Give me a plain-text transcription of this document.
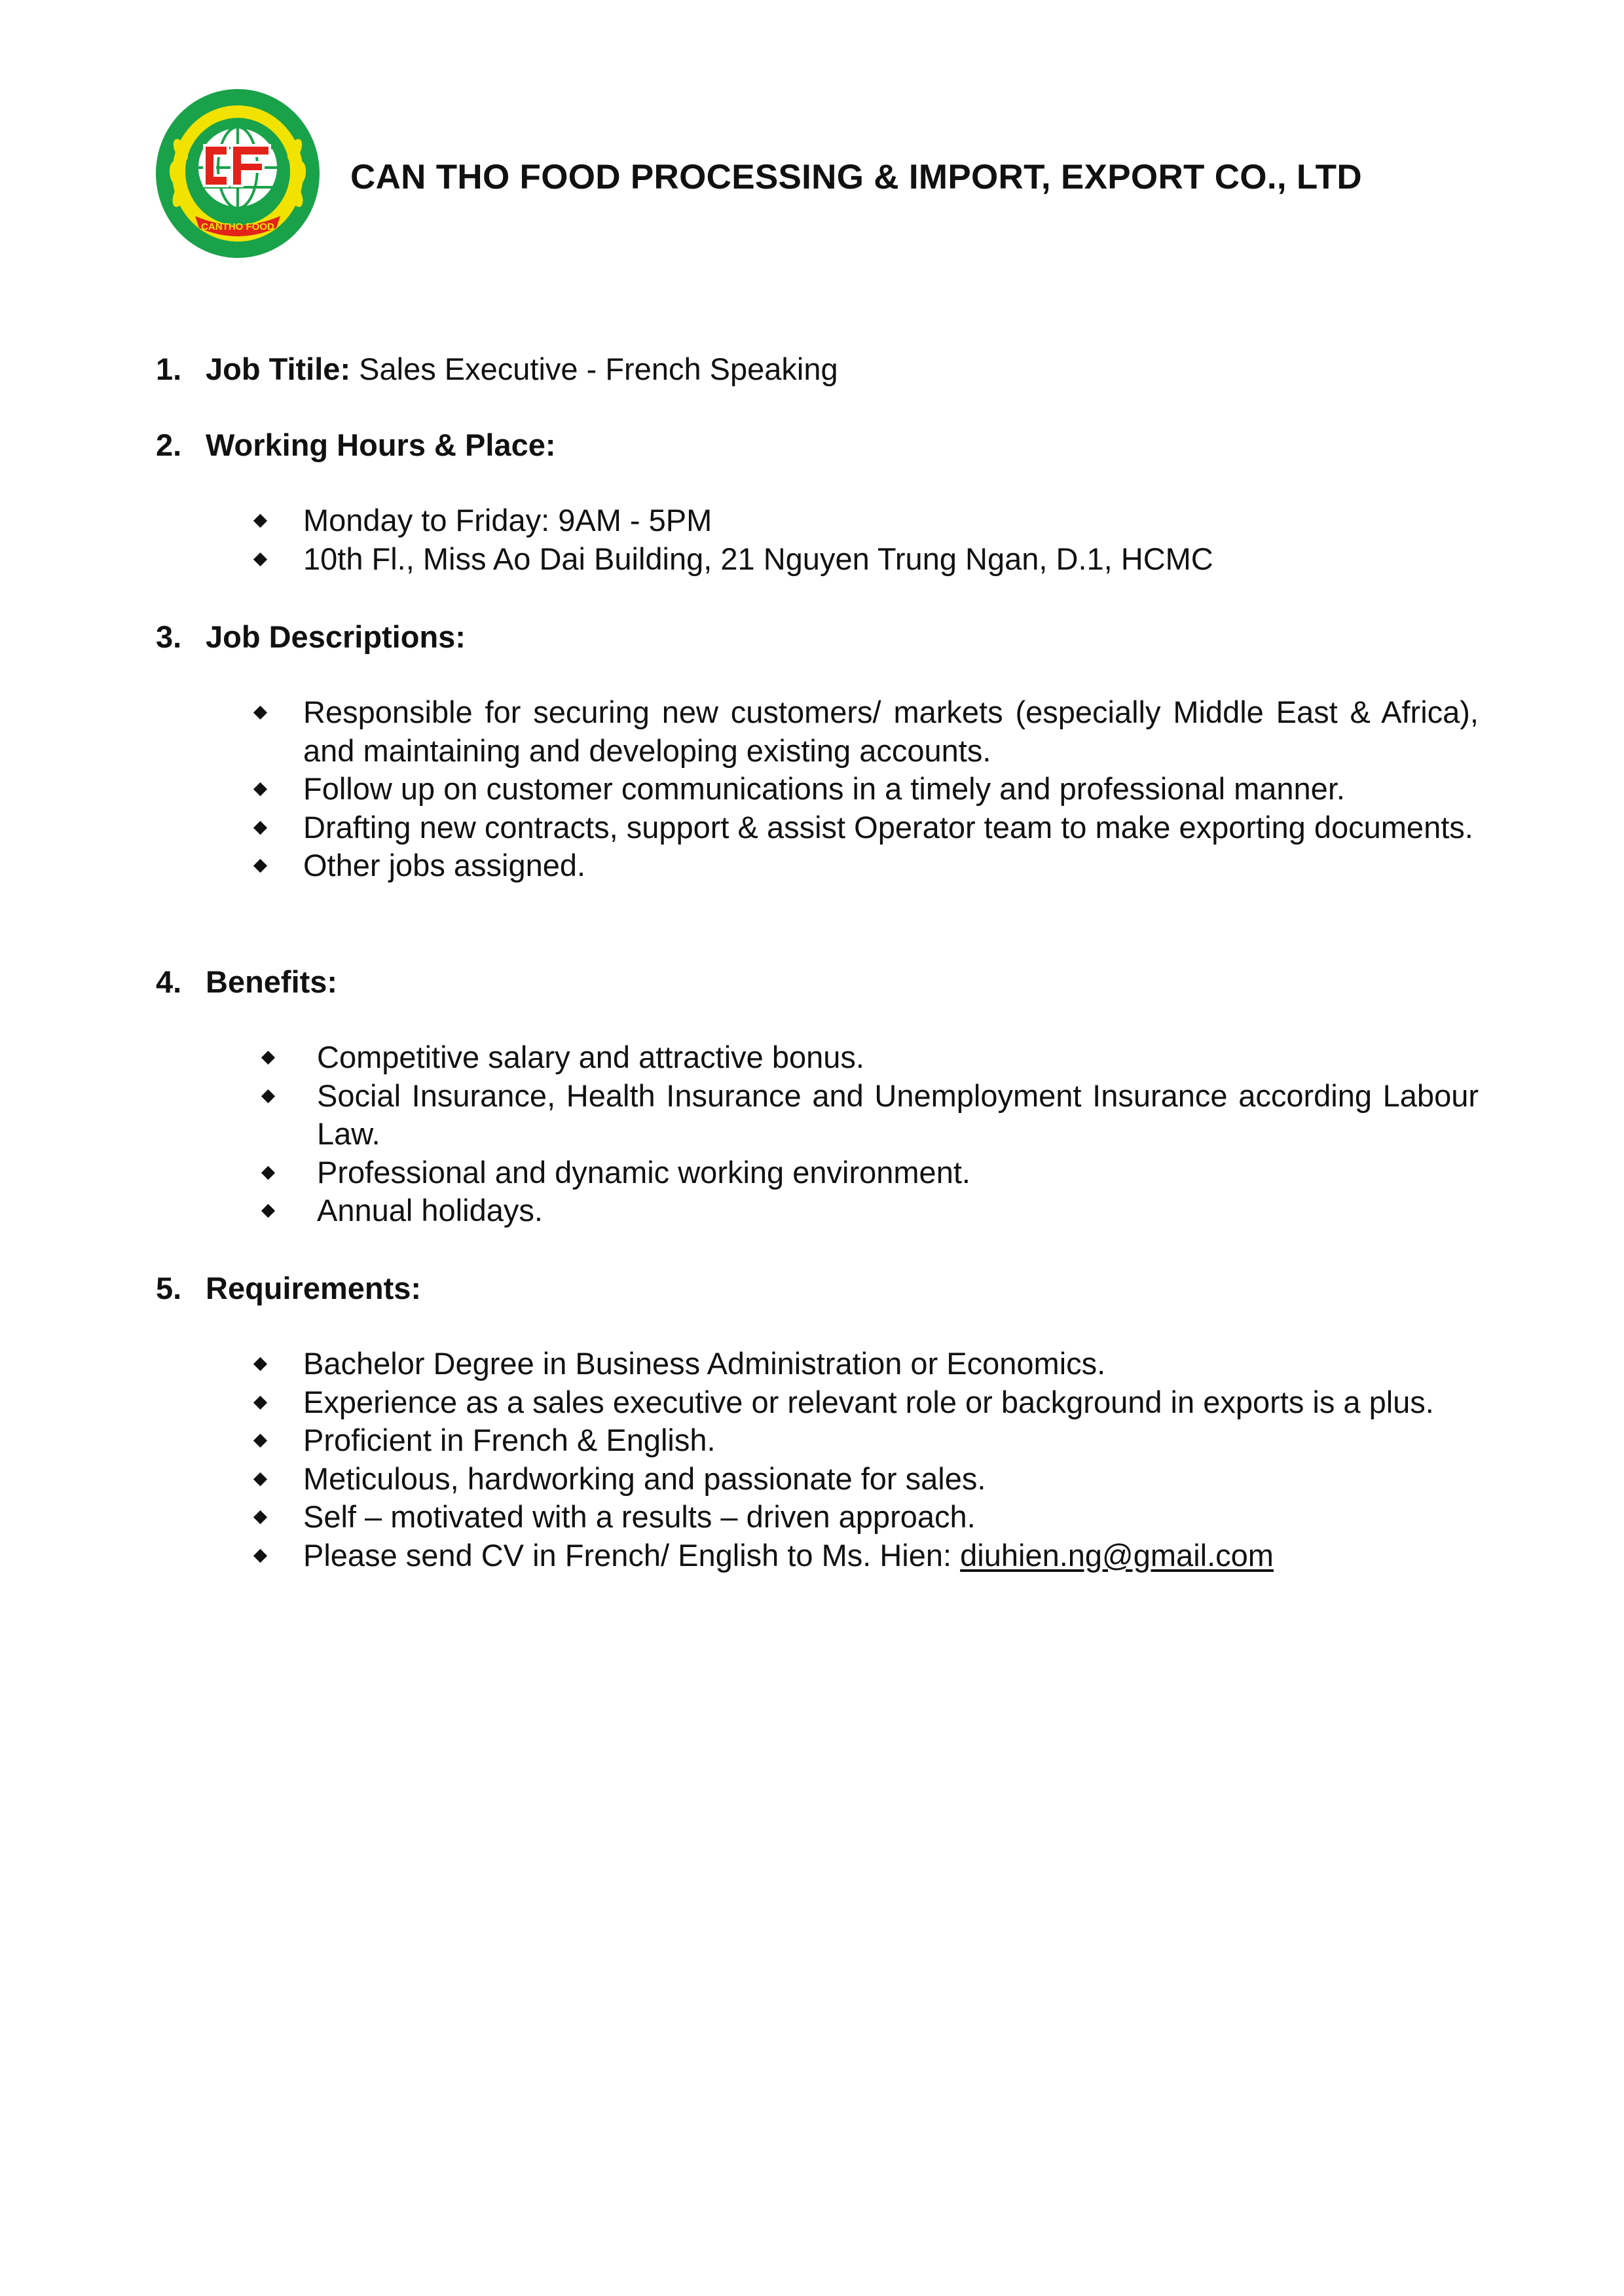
CANTHO FOOD
CAN THO FOOD PROCESSING & IMPORT, EXPORT CO., LTD
1. Job Titile: Sales Executive - French Speaking
2. Working Hours & Place:
Monday to Friday: 9AM - 5PM
10th Fl., Miss Ao Dai Building, 21 Nguyen Trung Ngan, D.1, HCMC
3. Job Descriptions:
Responsible for securing new customers/ markets (especially Middle East & Africa), and maintaining and developing existing accounts.
Follow up on customer communications in a timely and professional manner.
Drafting new contracts, support & assist Operator team to make exporting documents.
Other jobs assigned.
4. Benefits:
Competitive salary and attractive bonus.
Social Insurance, Health Insurance and Unemployment Insurance according Labour Law.
Professional and dynamic working environment.
Annual holidays.
5. Requirements:
Bachelor Degree in Business Administration or Economics.
Experience as a sales executive or relevant role or background in exports is a plus.
Proficient in French & English.
Meticulous, hardworking and passionate for sales.
Self – motivated with a results – driven approach.
Please send CV in French/ English to Ms. Hien: diuhien.ng@gmail.com
